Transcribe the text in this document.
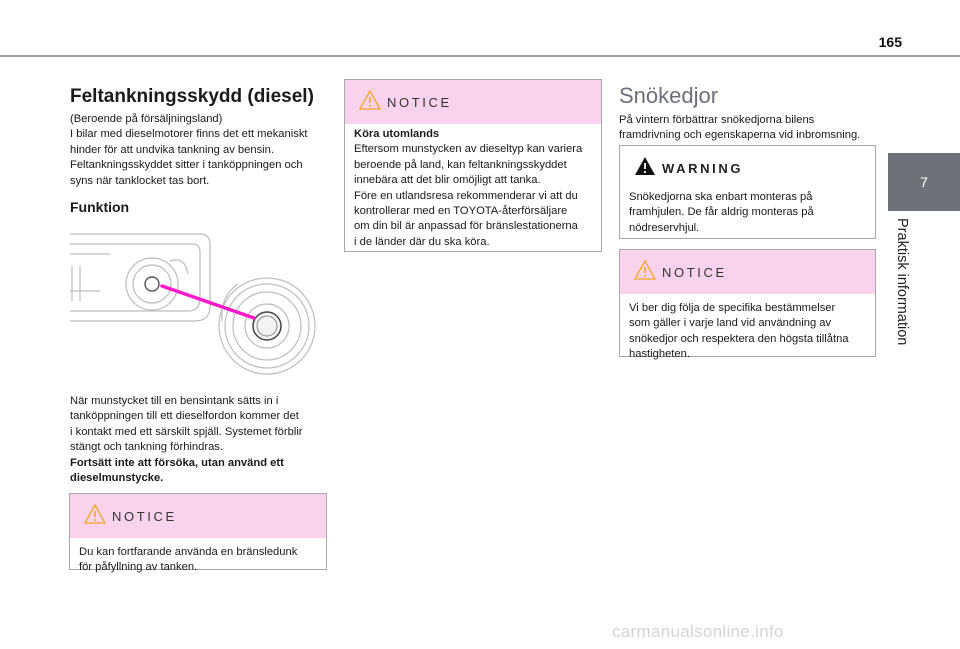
165
7
Praktisk information
Feltankningsskydd (diesel)

(Beroende på försäljningsland)

I bilar med dieselmotorer finns det ett mekaniskt

hinder för att undvika tankning av bensin.

Feltankningsskyddet sitter i tanköppningen och

syns när tanklocket tas bort.

Funktion

När munstycket till en bensintank sätts in i

tanköppningen till ett dieselfordon kommer det

i kontakt med ett särskilt spjäll. Systemet förblir

stängt och tankning förhindras.

Fortsätt inte att försöka, utan använd ett

dieselmunstycke.

NOTICE

Du kan fortfarande använda en bränsledunk

för påfyllning av tanken.

NOTICE

Köra utomlands

Eftersom munstycken av dieseltyp kan variera

beroende på land, kan feltankningsskyddet

innebära att det blir omöjligt att tanka.

Före en utlandsresa rekommenderar vi att du

kontrollerar med en TOYOTA-återförsäljare

om din bil är anpassad för bränslestationerna

i de länder där du ska köra.

Snökedjor

På vintern förbättrar snökedjorna bilens

framdrivning och egenskaperna vid inbromsning.

WARNING

Snökedjorna ska enbart monteras på

framhjulen. De får aldrig monteras på

nödreservhjul.

NOTICE

Vi ber dig följa de specifika bestämmelser

som gäller i varje land vid användning av

snökedjor och respektera den högsta tillåtna

hastigheten.

carmanualsonline.info
